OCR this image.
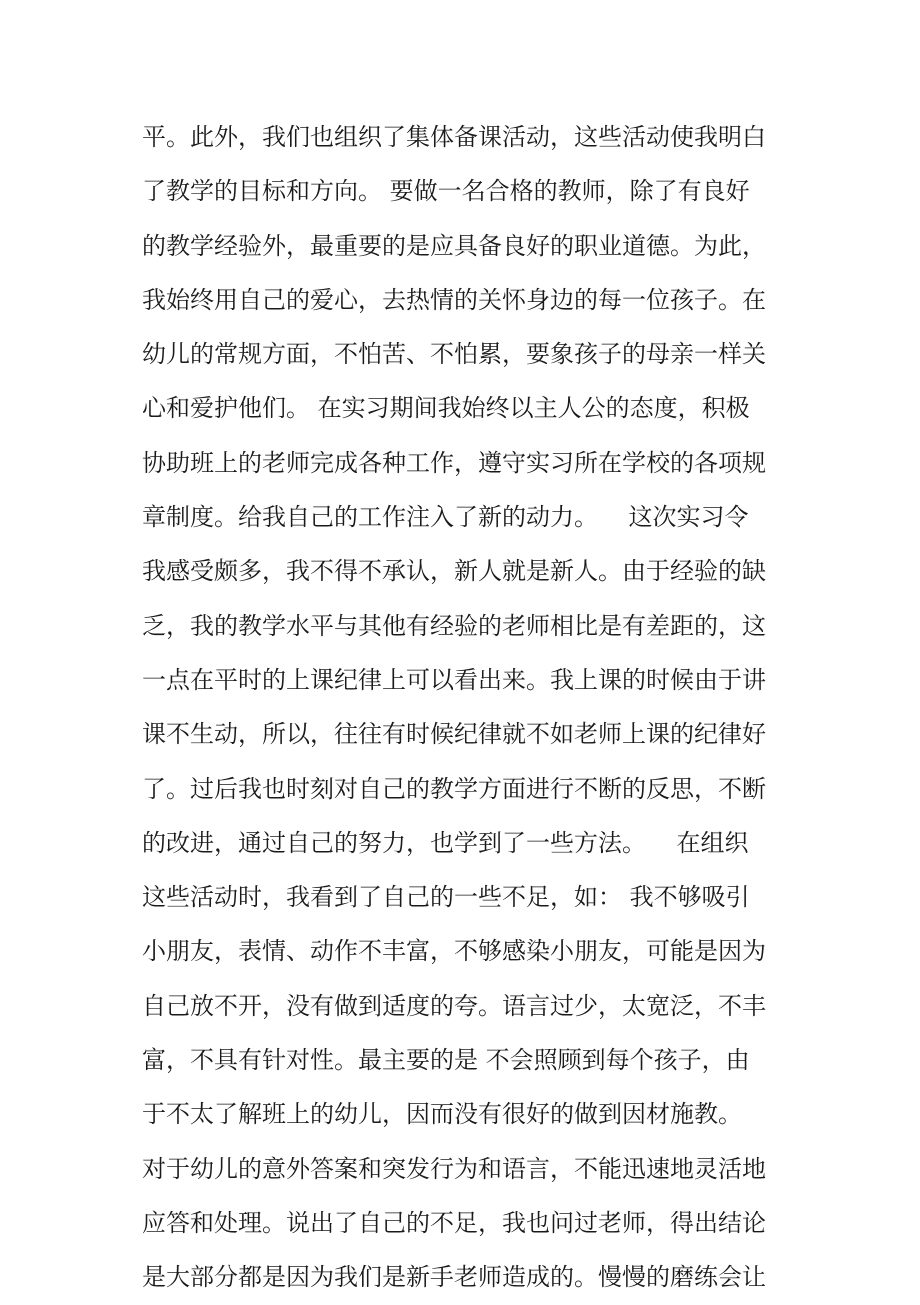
平。此外，我们也组织了集体备课活动，这些活动使我明白
了教学的目标和方向。 要做一名合格的教师，除了有良好
的教学经验外，最重要的是应具备良好的职业道德。为此，
我始终用自己的爱心，去热情的关怀身边的每一位孩子。在
幼儿的常规方面，不怕苦、不怕累，要象孩子的母亲一样关
心和爱护他们。 在实习期间我始终以主人公的态度，积极
协助班上的老师完成各种工作，遵守实习所在学校的各项规
章制度。给我自己的工作注入了新的动力。    这次实习令
我感受颇多，我不得不承认，新人就是新人。由于经验的缺
乏，我的教学水平与其他有经验的老师相比是有差距的，这
一点在平时的上课纪律上可以看出来。我上课的时候由于讲
课不生动，所以，往往有时候纪律就不如老师上课的纪律好
了。过后我也时刻对自己的教学方面进行不断的反思，不断
的改进，通过自己的努力，也学到了一些方法。    在组织
这些活动时，我看到了自己的一些不足，如： 我不够吸引
小朋友，表情、动作不丰富，不够感染小朋友，可能是因为
自己放不开，没有做到适度的夸。语言过少，太宽泛，不丰
富，不具有针对性。最主要的是 不会照顾到每个孩子，由
于不太了解班上的幼儿，因而没有很好的做到因材施教。
对于幼儿的意外答案和突发行为和语言，不能迅速地灵活地
应答和处理。说出了自己的不足，我也问过老师，得出结论
是大部分都是因为我们是新手老师造成的。慢慢的磨练会让
